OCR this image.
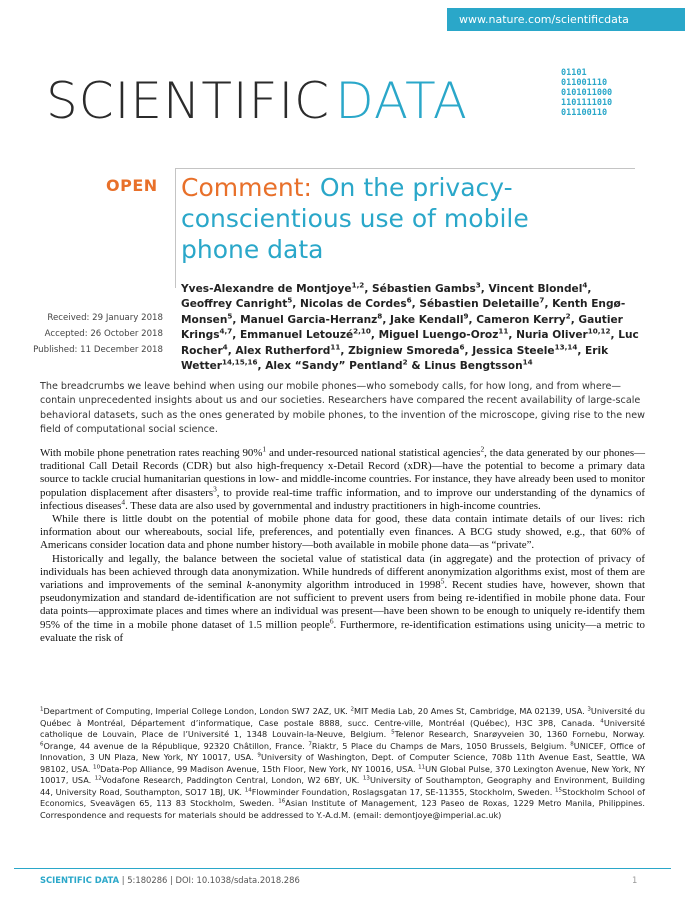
www.nature.com/scientificdata
SCIENTIFIC DATA	01101
011001110
0101011000
1101111010
011100110
OPEN Comment: On the privacy-conscientious use of mobile phone data
Yves-Alexandre de Montjoye$^{1,2}$, Sébastien Gambs$^3$, Vincent Blondel$^4$, Geoffrey Canright$^5$, Nicolas de Cordes$^6$, Sébastien Deletaille$^7$, Kenth Engø-Monsen$^5$, Manuel Garcia-Herranz$^8$, Jake Kendall$^9$, Cameron Kerry$^2$, Gautier Krings$^{4,7}$, Emmanuel Letouzé$^{2,10}$, Miguel Luengo-Oroz$^{11}$, Nuria Oliver$^{10,12}$, Luc Rocher$^4$, Alex Rutherford$^{11}$, Zbigniew Smoreda$^6$, Jessica Steele$^{13,14}$, Erik Wetter$^{14,15,16}$, Alex “Sandy” Pentland$^2$ & Linus Bengtsson$^{14}$
Received: 29 January 2018
Accepted: 26 October 2018
Published: 11 December 2018
The breadcrumbs we leave behind when using our mobile phones—who somebody calls, for how long, and from where—contain unprecedented insights about us and our societies. Researchers have compared the recent availability of large-scale behavioral datasets, such as the ones generated by mobile phones, to the invention of the microscope, giving rise to the new field of computational social science.

With mobile phone penetration rates reaching 90%$^1$ and under-resourced national statistical agencies$^2$, the data generated by our phones—traditional Call Detail Records (CDR) but also high-frequency x-Detail Record (xDR)—have the potential to become a primary data source to tackle crucial humanitarian questions in low- and middle-income countries. For instance, they have already been used to monitor population displacement after disasters$^3$, to provide real-time traffic information, and to improve our understanding of the dynamics of infectious diseases$^4$. These data are also used by governmental and industry practitioners in high-income countries.

While there is little doubt on the potential of mobile phone data for good, these data contain intimate details of our lives: rich information about our whereabouts, social life, preferences, and potentially even finances. A BCG study showed, e.g., that 60% of Americans consider location data and phone number history—both available in mobile phone data—as “private”.

Historically and legally, the balance between the societal value of statistical data (in aggregate) and the protection of privacy of individuals has been achieved through data anonymization. While hundreds of different anonymization algorithms exist, most of them are variations and improvements of the seminal k-anonymity algorithm introduced in 1998$^5$. Recent studies have, however, shown that pseudonymization and standard de-identification are not sufficient to prevent users from being re-identified in mobile phone data. Four data points—approximate places and times where an individual was present—have been shown to be enough to uniquely re-identify them 95% of the time in a mobile phone dataset of 1.5 million people$^6$. Furthermore, re-identification estimations using unicity—a metric to evaluate the risk of

$^1$Department of Computing, Imperial College London, London SW7 2AZ, UK. $^2$MIT Media Lab, 20 Ames St, Cambridge, MA 02139, USA. $^3$Université du Québec à Montréal, Département d’informatique, Case postale 8888, succ. Centre-ville, Montréal (Québec), H3C 3P8, Canada. $^4$Université catholique de Louvain, Place de l’Université 1, 1348 Louvain-la-Neuve, Belgium. $^5$Telenor Research, Snarøyveien 30, 1360 Fornebu, Norway. $^6$Orange, 44 avenue de la République, 92320 Châtillon, France. $^7$Riaktr, 5 Place du Champs de Mars, 1050 Brussels, Belgium. $^8$UNICEF, Office of Innovation, 3 UN Plaza, New York, NY 10017, USA. $^9$University of Washington, Dept. of Computer Science, 708b 11th Avenue East, Seattle, WA 98102, USA. $^{10}$Data-Pop Alliance, 99 Madison Avenue, 15th Floor, New York, NY 10016, USA. $^{11}$UN Global Pulse, 370 Lexington Avenue, New York, NY 10017, USA. $^{12}$Vodafone Research, Paddington Central, London, W2 6BY, UK. $^{13}$University of Southampton, Geography and Environment, Building 44, University Road, Southampton, SO17 1BJ, UK. $^{14}$Flowminder Foundation, Roslagsgatan 17, SE-11355, Stockholm, Sweden. $^{15}$Stockholm School of Economics, Sveavägen 65, 113 83 Stockholm, Sweden. $^{16}$Asian Institute of Management, 123 Paseo de Roxas, 1229 Metro Manila, Philippines. Correspondence and requests for materials should be addressed to Y.-A.d.M. (email: demontjoye@imperial.ac.uk)
SCIENTIFIC DATA | 5:180286 | DOI: 10.1038/sdata.2018.286	1
